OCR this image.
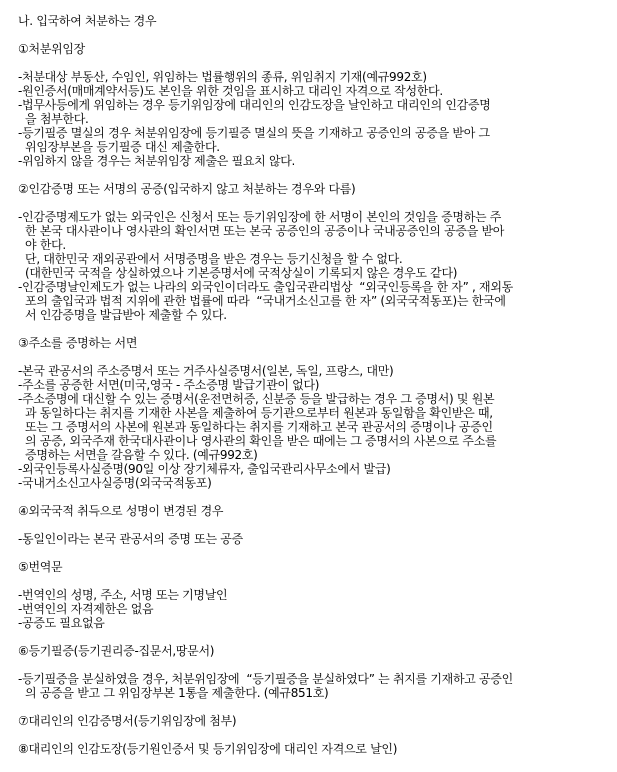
나. 입국하여 처분하는 경우
①처분위임장
-처분대상 부동산, 수임인, 위임하는 법률행위의 종류, 위임취지 기재(예규992호)
-원인증서(매매계약서등)도 본인을 위한 것임을 표시하고 대리인 자격으로 작성한다.
-법무사등에게 위임하는 경우 등기위임장에 대리인의 인감도장을 날인하고 대리인의 인감증명
을 첨부한다.
-등기필증 멸실의 경우 처분위임장에 등기필증 멸실의 뜻을 기재하고 공증인의 공증을 받아 그
위임장부본을 등기필증 대신 제출한다.
-위임하지 않을 경우는 처분위임장 제출은 필요치 않다.
②인감증명 또는 서명의 공증(입국하지 않고 처분하는 경우와 다름)
-인감증명제도가 없는 외국인은 신청서 또는 등기위임장에 한 서명이 본인의 것임을 증명하는 주
한 본국 대사관이나 영사관의 확인서면 또는 본국 공증인의 공증이나 국내공증인의 공증을 받아
야 한다.
단, 대한민국 재외공관에서 서명증명을 받은 경우는 등기신청을 할 수 없다.
(대한민국 국적을 상실하였으나 기본증명서에 국적상실이 기록되지 않은 경우도 같다)
-인감증명날인제도가 없는 나라의 외국인이더라도 출입국관리법상  “외국인등록을 한 자” , 재외동
포의 출입국과 법적 지위에 관한 법률에 따라  “국내거소신고를 한 자” (외국국적동포)는 한국에
서 인감증명을 발급받아 제출할 수 있다.
③주소를 증명하는 서면
-본국 관공서의 주소증명서 또는 거주사실증명서(일본, 독일, 프랑스, 대만)
-주소를 공증한 서면(미국,영국 - 주소증명 발급기관이 없다)
-주소증명에 대신할 수 있는 증명서(운전면허증, 신분증 등을 발급하는 경우 그 증명서) 및 원본
과 동일하다는 취지를 기재한 사본을 제출하여 등기관으로부터 원본과 동일함을 확인받은 때,
또는 그 증명서의 사본에 원본과 동일하다는 취지를 기재하고 본국 관공서의 증명이나 공증인
의 공증, 외국주재 한국대사관이나 영사관의 확인을 받은 때에는 그 증명서의 사본으로 주소를
증명하는 서면을 갈음할 수 있다. (예규992호)
-외국인등록사실증명(90일 이상 장기체류자, 출입국관리사무소에서 발급)
-국내거소신고사실증명(외국국적동포)
④외국국적 취득으로 성명이 변경된 경우
-동일인이라는 본국 관공서의 증명 또는 공증
⑤번역문
-번역인의 성명, 주소, 서명 또는 기명날인
-번역인의 자격제한은 없음
-공증도 필요없음
⑥등기필증(등기권리증-집문서,땅문서)
-등기필증을 분실하였을 경우, 처분위임장에  “등기필증을 분실하였다” 는 취지를 기재하고 공증인
의 공증을 받고 그 위임장부본 1통을 제출한다. (예규851호)
⑦대리인의 인감증명서(등기위임장에 첨부)
⑧대리인의 인감도장(등기원인증서 및 등기위임장에 대리인 자격으로 날인)
